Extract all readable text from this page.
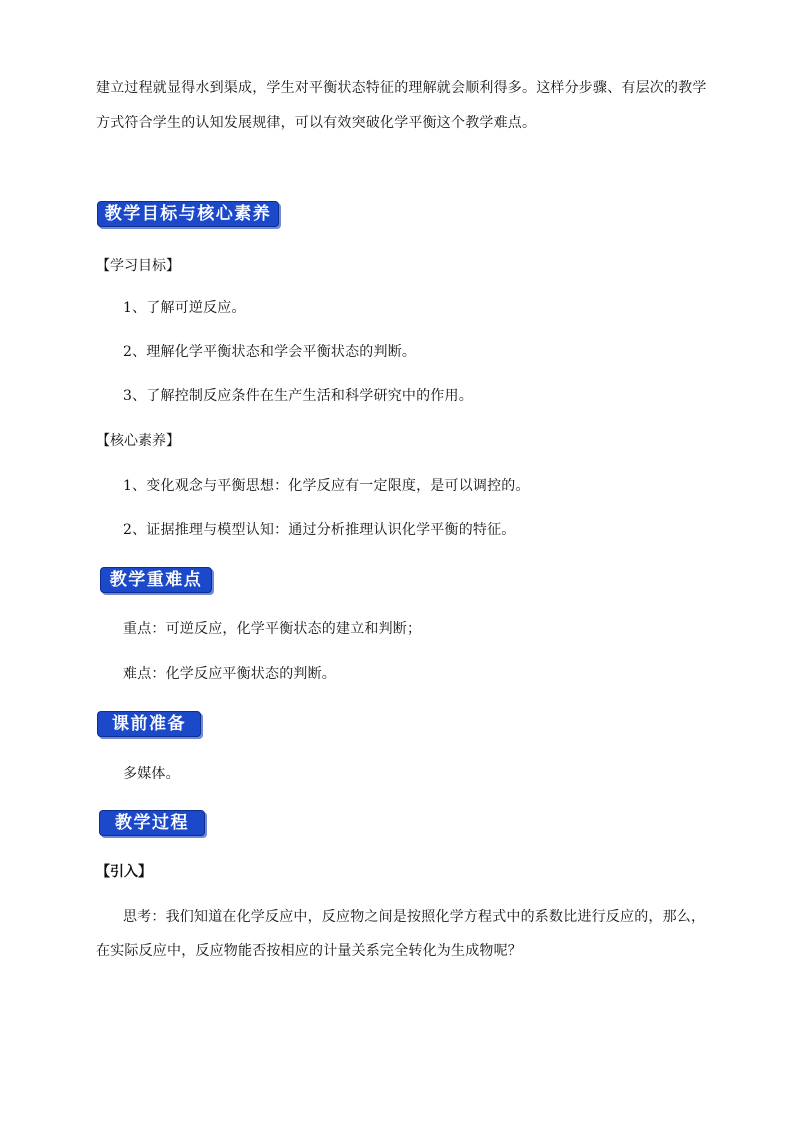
建立过程就显得水到渠成，学生对平衡状态特征的理解就会顺利得多。这样分步骤、有层次的教学
方式符合学生的认知发展规律，可以有效突破化学平衡这个教学难点。
教学目标与核心素养
【学习目标】
1、了解可逆反应。
2、理解化学平衡状态和学会平衡状态的判断。
3、了解控制反应条件在生产生活和科学研究中的作用。
【核心素养】
1、变化观念与平衡思想：化学反应有一定限度，是可以调控的。
2、证据推理与模型认知：通过分析推理认识化学平衡的特征。
教学重难点
重点：可逆反应，化学平衡状态的建立和判断；
难点：化学反应平衡状态的判断。
课前准备
多媒体。
教学过程
【引入】
思考：我们知道在化学反应中，反应物之间是按照化学方程式中的系数比进行反应的，那么，
在实际反应中，反应物能否按相应的计量关系完全转化为生成物呢？
